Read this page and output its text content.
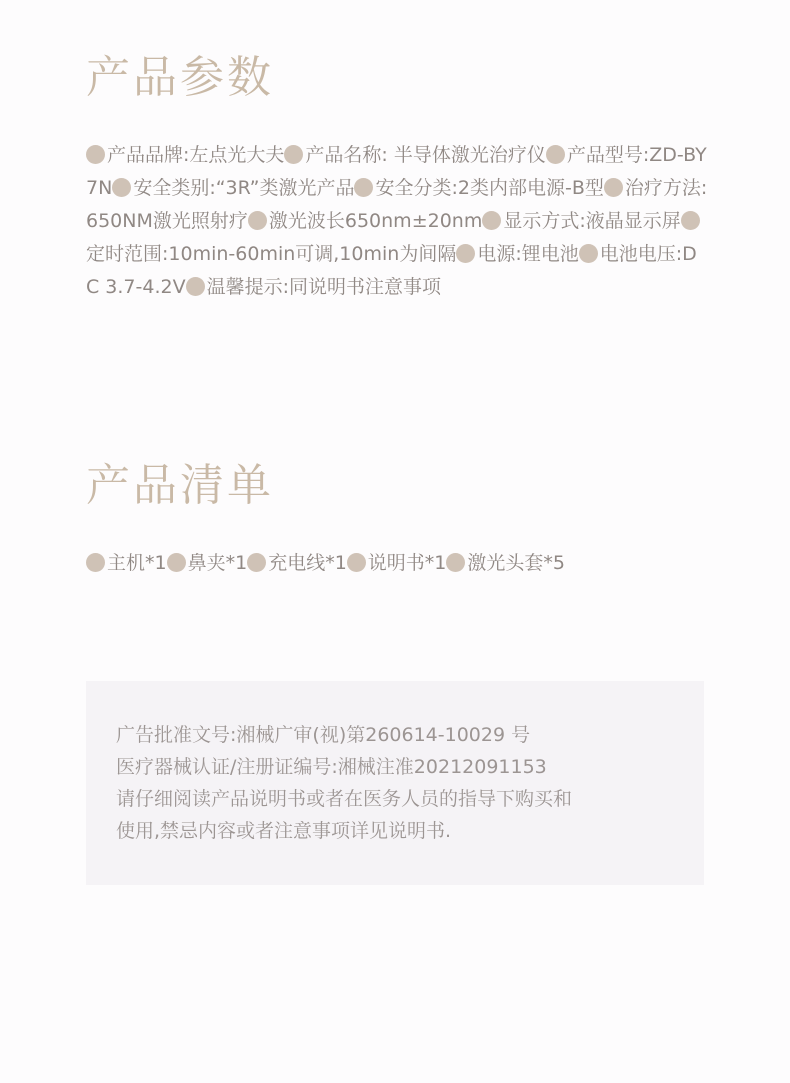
产品参数
产品品牌:左点光大夫 产品名称: 半导体激光治疗仪 产品型号:ZD-BY7N 安全类别:“3R”类激光产品 安全分类:2类内部电源-B型 治疗方法: 650NM激光照射疗 激光波长650nm±20nm 显示方式:液晶显示屏定时范围:10min-60min可调,10min为间隔 电源:锂电池 电池电压:DC 3.7-4.2V 温馨提示:同说明书注意事项
产品清单
主机*1 鼻夹*1 充电线*1 说明书*1 激光头套*5
广告批准文号:湘械广审(视)第260614-10029 号
医疗器械认证/注册证编号:湘械注准20212091153
请仔细阅读产品说明书或者在医务人员的指导下购买和
使用,禁忌内容或者注意事项详见说明书.
